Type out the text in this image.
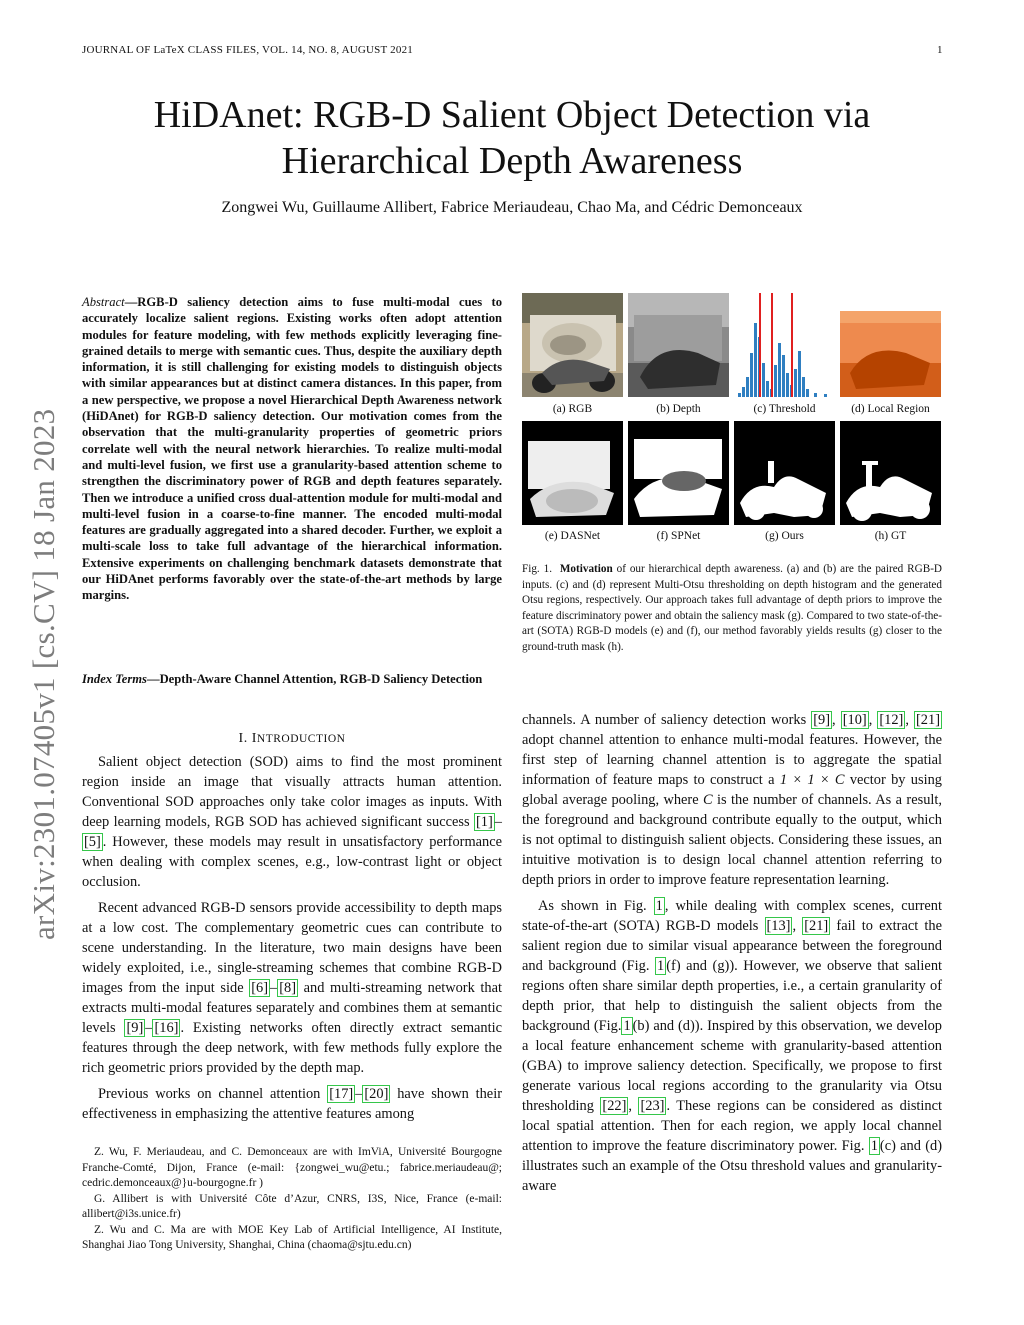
JOURNAL OF LaTeX CLASS FILES, VOL. 14, NO. 8, AUGUST 2021	1
arXiv:2301.07405v1 [cs.CV] 18 Jan 2023
HiDAnet: RGB-D Salient Object Detection via
Hierarchical Depth Awareness
Zongwei Wu, Guillaume Allibert, Fabrice Meriaudeau, Chao Ma, and Cédric Demonceaux
Abstract—RGB-D saliency detection aims to fuse multi-modal cues to accurately localize salient regions. Existing works often adopt attention modules for feature modeling, with few methods explicitly leveraging fine-grained details to merge with semantic cues. Thus, despite the auxiliary depth information, it is still challenging for existing models to distinguish objects with similar appearances but at distinct camera distances. In this paper, from a new perspective, we propose a novel Hierarchical Depth Awareness network (HiDAnet) for RGB-D saliency detection. Our motivation comes from the observation that the multi-granularity properties of geometric priors correlate well with the neural network hierarchies. To realize multi-modal and multi-level fusion, we first use a granularity-based attention scheme to strengthen the discriminatory power of RGB and depth features separately. Then we introduce a unified cross dual-attention module for multi-modal and multi-level fusion in a coarse-to-fine manner. The encoded multi-modal features are gradually aggregated into a shared decoder. Further, we exploit a multi-scale loss to take full advantage of the hierarchical information. Extensive experiments on challenging benchmark datasets demonstrate that our HiDAnet performs favorably over the state-of-the-art methods by large margins.
Index Terms—Depth-Aware Channel Attention, RGB-D Saliency Detection
I. INTRODUCTION

Salient object detection (SOD) aims to find the most prominent region inside an image that visually attracts human attention. Conventional SOD approaches only take color images as inputs. With deep learning models, RGB SOD has achieved significant success [1] –[5] . However, these models may result in unsatisfactory performance when dealing with complex scenes, e.g., low-contrast light or object occlusion.

Recent advanced RGB-D sensors provide accessibility to depth maps at a low cost. The complementary geometric cues can contribute to scene understanding. In the literature, two main designs have been widely exploited, i.e., single-streaming schemes that combine RGB-D images from the input side [6] – [8] and multi-streaming network that extracts multi-modal features separately and combines them at semantic levels [9] – [16] . Existing networks often directly extract semantic features through the deep network, with few methods fully explore the rich geometric priors provided by the depth map.

Previous works on channel attention [17] – [20] have shown their effectiveness in emphasizing the attentive features among

Z. Wu, F. Meriaudeau, and C. Demonceaux are with ImViA, Université Bourgogne Franche-Comté, Dijon, France (e-mail: {zongwei_wu@etu.; fabrice.meriaudeau@; cedric.demonceaux@}u-bourgogne.fr )

G. Allibert is with Université Côte d’Azur, CNRS, I3S, Nice, France (e-mail: allibert@i3s.unice.fr)

Z. Wu and C. Ma are with MOE Key Lab of Artificial Intelligence, AI Institute, Shanghai Jiao Tong University, Shanghai, China (chaoma@sjtu.edu.cn)

(a) RGB	(b) Depth	(c) Threshold	(d) Local Region
(e) DASNet	(f) SPNet	(g) Ours	(h) GT
Fig. 1. Motivation of our hierarchical depth awareness. (a) and (b) are the paired RGB-D inputs. (c) and (d) represent Multi-Otsu thresholding on depth histogram and the generated Otsu regions, respectively. Our approach takes full advantage of depth priors to improve the feature discriminatory power and obtain the saliency mask (g). Compared to two state-of-the-art (SOTA) RGB-D models (e) and (f), our method favorably yields results (g) closer to the ground-truth mask (h).

channels. A number of saliency detection works [9] , [10] , [12] , [21] adopt channel attention to enhance multi-modal features. However, the first step of learning channel attention is to aggregate the spatial information of feature maps to construct a 1 × 1 × C vector by using global average pooling, where C is the number of channels. As a result, the foreground and background contribute equally to the output, which is not optimal to distinguish salient objects. Considering these issues, an intuitive motivation is to design local channel attention referring to depth priors in order to improve feature representation learning.

As shown in Fig. 1 , while dealing with complex scenes, current state-of-the-art (SOTA) RGB-D models [13] , [21] fail to extract the salient region due to similar visual appearance between the foreground and background (Fig. 1 (f) and (g)). However, we observe that salient regions often share similar depth properties, i.e., a certain granularity of depth prior, that help to distinguish the salient objects from the background (Fig. 1 (b) and (d)). Inspired by this observation, we develop a local feature enhancement scheme with granularity-based attention (GBA) to improve saliency detection. Specifically, we propose to first generate various local regions according to the granularity via Otsu thresholding [22] , [23] . These regions can be considered as distinct local spatial attention. Then for each region, we apply local channel attention to improve the feature discriminatory power. Fig. 1 (c) and (d) illustrates such an example of the Otsu threshold values and granularity-aware
